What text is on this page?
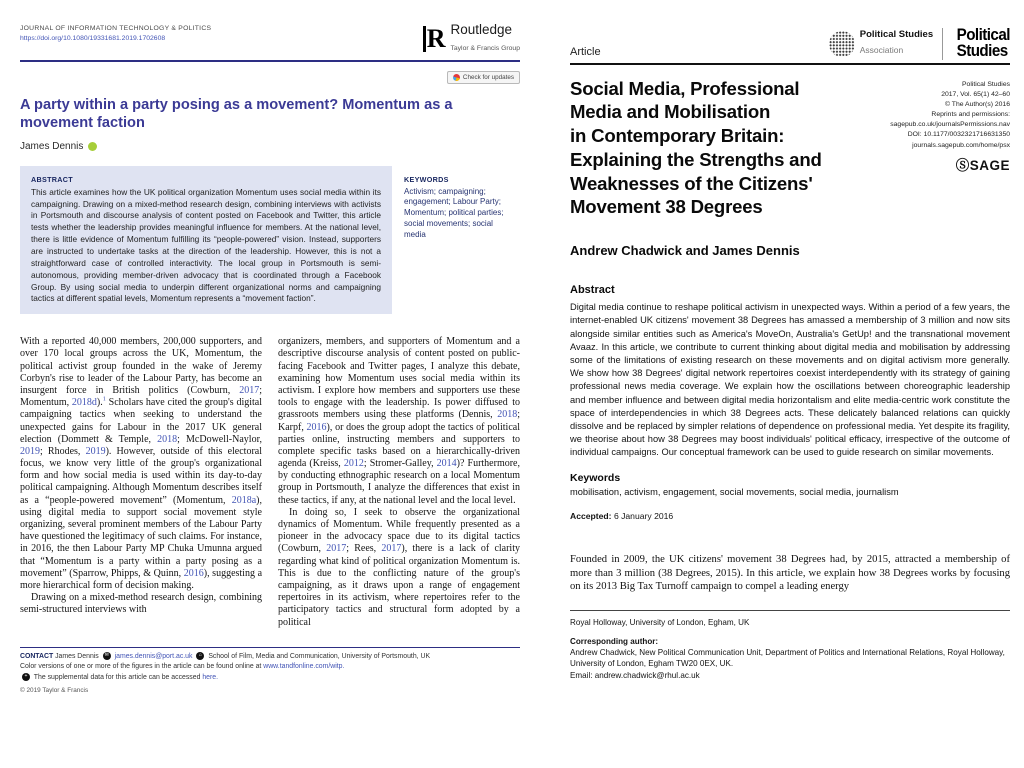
JOURNAL OF INFORMATION TECHNOLOGY & POLITICS
https://doi.org/10.1080/19331681.2019.1702608	R Routledge
Taylor & Francis Group
Check for updates
A party within a party posing as a movement? Momentum as a movement faction
James Dennis
ABSTRACT
This article examines how the UK political organization Momentum uses social media within its campaigning. Drawing on a mixed-method research design, combining interviews with activists in Portsmouth and discourse analysis of content posted on Facebook and Twitter, this article tests whether the leadership provides meaningful influence for members. At the national level, there is little evidence of Momentum fulfilling its “people-powered” vision. Instead, supporters are instructed to undertake tasks at the direction of the leadership. However, this is not a straightforward case of controlled interactivity. The local group in Portsmouth is semi-autonomous, providing member-driven advocacy that is coordinated through a Facebook Group. By using social media to underpin different organizational norms and campaigning tactics at different spatial levels, Momentum represents a “movement faction”.
KEYWORDS
Activism; campaigning; engagement; Labour Party; Momentum; political parties; social movements; social media

With a reported 40,000 members, 200,000 supporters, and over 170 local groups across the UK, Momentum, the political activist group founded in the wake of Jeremy Corbyn's rise to leader of the Labour Party, has become an insurgent force in British politics (Cowburn, 2017; Momentum, 2018d).$^1$ Scholars have cited the group's digital campaigning tactics when seeking to understand the unexpected gains for Labour in the 2017 UK general election (Dommett & Temple, 2018; McDowell-Naylor, 2019; Rhodes, 2019). However, outside of this electoral focus, we know very little of the group's organizational form and how social media is used within its day-to-day political campaigning. Although Momentum describes itself as a “people-powered movement” (Momentum, 2018a), using digital media to support social movement style organizing, several prominent members of the Labour Party have questioned the legitimacy of such claims. For instance, in 2016, the then Labour Party MP Chuka Umunna argued that “Momentum is a party within a party posing as a movement” (Sparrow, Phipps, & Quinn, 2016), suggesting a more hierarchical form of decision making.

Drawing on a mixed-method research design, combining semi-structured interviews with

organizers, members, and supporters of Momentum and a descriptive discourse analysis of content posted on public-facing Facebook and Twitter pages, I analyze this debate, examining how Momentum uses social media within its activism. I explore how members and supporters use these tools to engage with the leadership. Is power diffused to grassroots members using these platforms (Dennis, 2018; Karpf, 2016), or does the group adopt the tactics of political parties online, instructing members and supporters to complete specific tasks based on a hierarchically-driven agenda (Kreiss, 2012; Stromer-Galley, 2014)? Furthermore, by conducting ethnographic research on a local Momentum group in Portsmouth, I analyze the differences that exist in these tactics, if any, at the national level and the local level.

In doing so, I seek to observe the organizational dynamics of Momentum. While frequently presented as a pioneer in the advocacy space due to its digital tactics (Cowburn, 2017; Rees, 2017), there is a lack of clarity regarding what kind of political organization Momentum is. This is due to the conflicting nature of the group's campaigning, as it draws upon a range of engagement repertoires in its activism, where repertoires refer to the participatory tactics and structural form adopted by a political

CONTACT James Dennis ✉ james.dennis@port.ac.uk ⌂ School of Film, Media and Communication, University of Portsmouth, UK
Color versions of one or more of the figures in the article can be found online at www.tandfonline.com/witp.
+ The supplemental data for this article can be accessed here.
© 2019 Taylor & Francis
Article
Political Studies
Association
Political
Studies
Social Media, Professional
Media and Mobilisation
in Contemporary Britain:
Explaining the Strengths and
Weaknesses of the Citizens'
Movement 38 Degrees
Political Studies
2017, Vol. 65(1) 42–60
© The Author(s) 2016
Reprints and permissions:
sagepub.co.uk/journalsPermissions.nav
DOI: 10.1177/0032321716631350
journals.sagepub.com/home/psx
ⓈSAGE
Andrew Chadwick and James Dennis
Abstract
Digital media continue to reshape political activism in unexpected ways. Within a period of a few years, the internet-enabled UK citizens' movement 38 Degrees has amassed a membership of 3 million and now sits alongside similar entities such as America's MoveOn, Australia's GetUp! and the transnational movement Avaaz. In this article, we contribute to current thinking about digital media and mobilisation by addressing some of the limitations of existing research on these movements and on digital activism more generally. We show how 38 Degrees' digital network repertoires coexist interdependently with its strategy of gaining professional news media coverage. We explain how the oscillations between choreographic leadership and member influence and between digital media horizontalism and elite media-centric work constitute the space of interdependencies in which 38 Degrees acts. These delicately balanced relations can quickly dissolve and be replaced by simpler relations of dependence on professional media. Yet despite its fragility, we theorise about how 38 Degrees may boost individuals' political efficacy, irrespective of the outcome of individual campaigns. Our conceptual framework can be used to guide research on similar movements.
Keywords
mobilisation, activism, engagement, social movements, social media, journalism
Accepted: 6 January 2016
Founded in 2009, the UK citizens' movement 38 Degrees had, by 2015, attracted a membership of more than 3 million (38 Degrees, 2015). In this article, we explain how 38 Degrees works by focusing on its 2013 Big Tax Turnoff campaign to compel a leading energy
Royal Holloway, University of London, Egham, UK
Corresponding author:
Andrew Chadwick, New Political Communication Unit, Department of Politics and International Relations, Royal Holloway, University of London, Egham TW20 0EX, UK.
Email: andrew.chadwick@rhul.ac.uk
